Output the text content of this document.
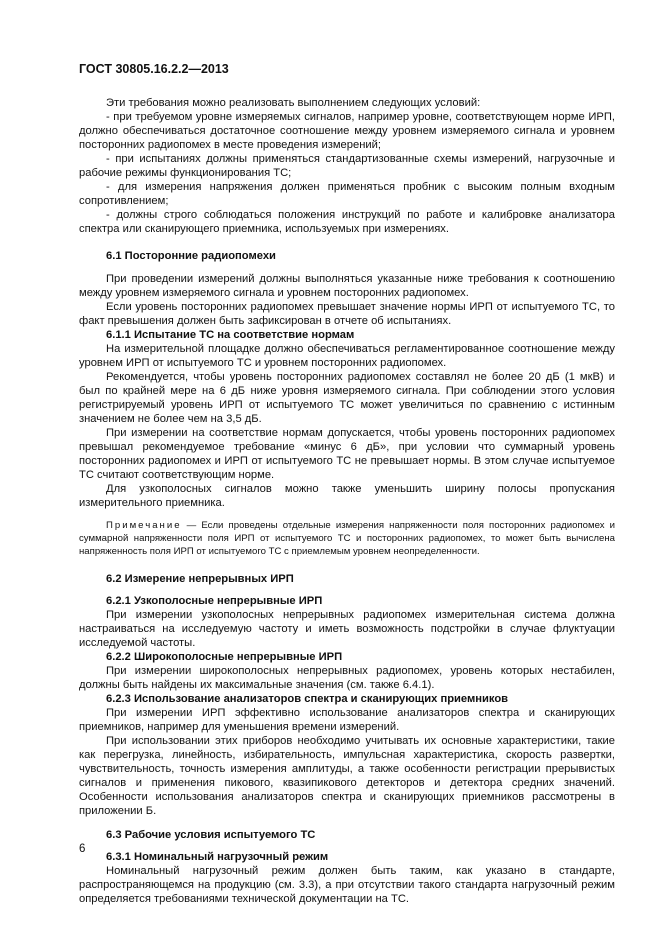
ГОСТ 30805.16.2.2—2013

Эти требования можно реализовать выполнением следующих условий:

- при требуемом уровне измеряемых сигналов, например уровне, соответствующем норме ИРП, должно обеспечиваться достаточное соотношение между уровнем измеряемого сигнала и уровнем посторонних радиопомех в месте проведения измерений;

- при испытаниях должны применяться стандартизованные схемы измерений, нагрузочные и рабочие режимы функционирования ТС;

- для измерения напряжения должен применяться пробник с высоким полным входным сопротивлением;

- должны строго соблюдаться положения инструкций по работе и калибровке анализатора спектра или сканирующего приемника, используемых при измерениях.

6.1 Посторонние радиопомехи

При проведении измерений должны выполняться указанные ниже требования к соотношению между уровнем измеряемого сигнала и уровнем посторонних радиопомех.

Если уровень посторонних радиопомех превышает значение нормы ИРП от испытуемого ТС, то факт превышения должен быть зафиксирован в отчете об испытаниях.

6.1.1 Испытание ТС на соответствие нормам

На измерительной площадке должно обеспечиваться регламентированное соотношение между уровнем ИРП от испытуемого ТС и уровнем посторонних радиопомех.

Рекомендуется, чтобы уровень посторонних радиопомех составлял не более 20 дБ (1 мкВ) и был по крайней мере на 6 дБ ниже уровня измеряемого сигнала. При соблюдении этого условия регистрируемый уровень ИРП от испытуемого ТС может увеличиться по сравнению с истинным значением не более чем на 3,5 дБ.

При измерении на соответствие нормам допускается, чтобы уровень посторонних радиопомех превышал рекомендуемое требование «минус 6 дБ», при условии что суммарный уровень посторонних радиопомех и ИРП от испытуемого ТС не превышает нормы. В этом случае испытуемое ТС считают соответствующим норме.

Для узкополосных сигналов можно также уменьшить ширину полосы пропускания измерительного приемника.

Примечание — Если проведены отдельные измерения напряженности поля посторонних радиопомех и суммарной напряженности поля ИРП от испытуемого ТС и посторонних радиопомех, то может быть вычислена напряженность поля ИРП от испытуемого ТС с приемлемым уровнем неопределенности.

6.2 Измерение непрерывных ИРП
6.2.1 Узкополосные непрерывные ИРП

При измерении узкополосных непрерывных радиопомех измерительная система должна настраиваться на исследуемую частоту и иметь возможность подстройки в случае флуктуации исследуемой частоты.

6.2.2 Широкополосные непрерывные ИРП

При измерении широкополосных непрерывных радиопомех, уровень которых нестабилен, должны быть найдены их максимальные значения (см. также 6.4.1).

6.2.3 Использование анализаторов спектра и сканирующих приемников

При измерении ИРП эффективно использование анализаторов спектра и сканирующих приемников, например для уменьшения времени измерений.

При использовании этих приборов необходимо учитывать их основные характеристики, такие как перегрузка, линейность, избирательность, импульсная характеристика, скорость развертки, чувствительность, точность измерения амплитуды, а также особенности регистрации прерывистых сигналов и применения пикового, квазипикового детекторов и детектора средних значений. Особенности использования анализаторов спектра и сканирующих приемников рассмотрены в приложении Б.

6.3 Рабочие условия испытуемого ТС
6.3.1 Номинальный нагрузочный режим

Номинальный нагрузочный режим должен быть таким, как указано в стандарте, распространяющемся на продукцию (см. 3.3), а при отсутствии такого стандарта нагрузочный режим определяется требованиями технической документации на ТС.

6
